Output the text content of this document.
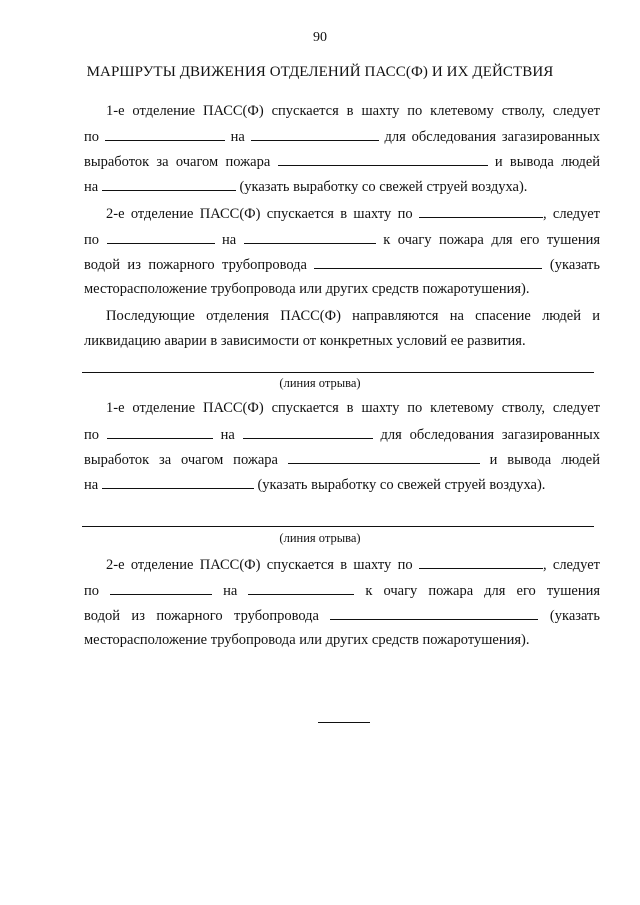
90
МАРШРУТЫ ДВИЖЕНИЯ ОТДЕЛЕНИЙ ПАСС(Ф) И ИХ ДЕЙСТВИЯ
1-е отделение ПАСС(Ф) спускается в шахту по клетевому стволу, следует
по	на	для обследования загазированных
выработок за очагом пожара	и вывода людей
на	(указать выработку со свежей струей воздуха).
2-е отделение ПАСС(Ф) спускается в шахту по	, следует
по	на	к очагу пожара для его тушения
водой из пожарного трубопровода	(указать
месторасположение трубопровода или других средств пожаротушения).
Последующие отделения ПАСС(Ф) направляются на спасение людей и
ликвидацию аварии в зависимости от конкретных условий ее развития.
(линия отрыва)
1-е отделение ПАСС(Ф) спускается в шахту по клетевому стволу, следует
по	на	для обследования загазированных
выработок за очагом пожара	и вывода людей
на	(указать выработку со свежей струей воздуха).
(линия отрыва)
2-е отделение ПАСС(Ф) спускается в шахту по	, следует
по	на	к очагу пожара для его тушения
водой из пожарного трубопровода	(указать
месторасположение трубопровода или других средств пожаротушения).
